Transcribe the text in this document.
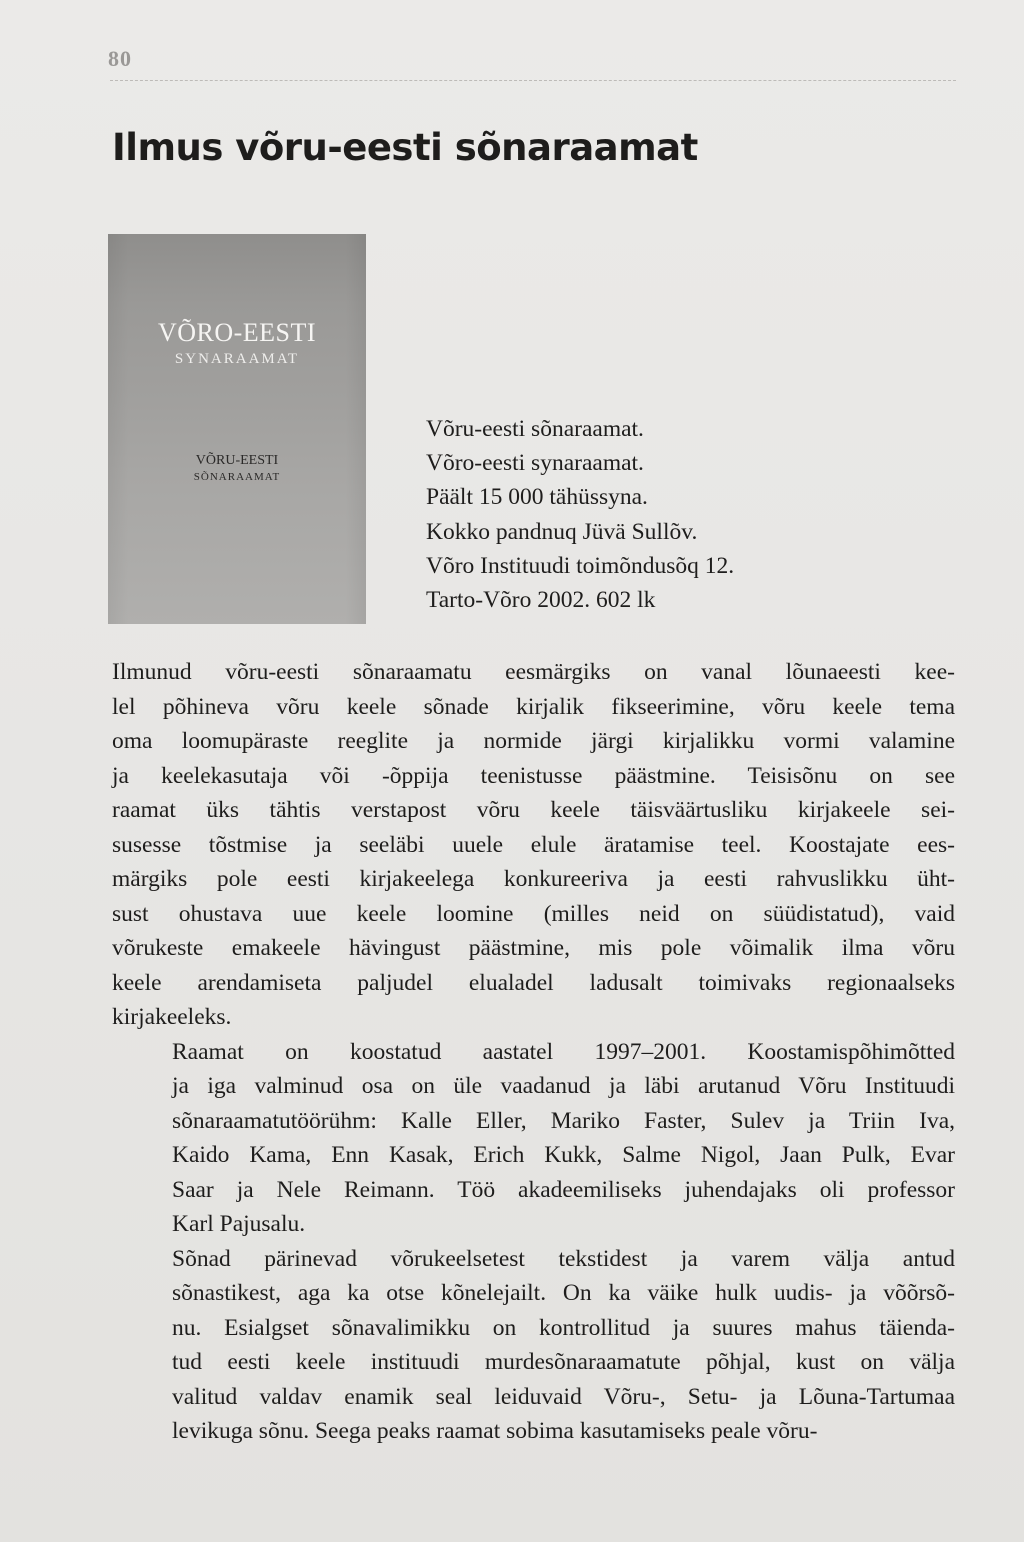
80
Ilmus võru-eesti sõnaraamat
VÕRO-EESTI
SYNARAAMAT
VÕRU-EESTI
SÕNARAAMAT
Võru-eesti sõnaraamat.
Võro-eesti synaraamat.
Päält 15 000 tähüssyna.
Kokko pandnuq Jüvä Sullõv.
Võro Instituudi toimõndusõq 12.
Tarto-Võro 2002. 602 lk

Ilmunud võru-eesti sõnaraamatu eesmärgiks on vanal lõunaeesti kee-
lel põhineva võru keele sõnade kirjalik fikseerimine, võru keele tema
oma loomupäraste reeglite ja normide järgi kirjalikku vormi valamine
ja keelekasutaja või -õppija teenistusse päästmine. Teisisõnu on see
raamat üks tähtis verstapost võru keele täisväärtusliku kirjakeele sei-
susesse tõstmise ja seeläbi uuele elule äratamise teel. Koostajate ees-
märgiks pole eesti kirjakeelega konkureeriva ja eesti rahvuslikku üht-
sust ohustava uue keele loomine (milles neid on süüdistatud), vaid
võrukeste emakeele hävingust päästmine, mis pole võimalik ilma võru
keele arendamiseta paljudel elualadel ladusalt toimivaks regionaalseks
kirjakeeleks.

Raamat on koostatud aastatel 1997–2001. Koostamispõhimõtted
ja iga valminud osa on üle vaadanud ja läbi arutanud Võru Instituudi
sõnaraamatutöörühm: Kalle Eller, Mariko Faster, Sulev ja Triin Iva,
Kaido Kama, Enn Kasak, Erich Kukk, Salme Nigol, Jaan Pulk, Evar
Saar ja Nele Reimann. Töö akadeemiliseks juhendajaks oli professor
Karl Pajusalu.

Sõnad pärinevad võrukeelsetest tekstidest ja varem välja antud
sõnastikest, aga ka otse kõnelejailt. On ka väike hulk uudis- ja võõrsõ-
nu. Esialgset sõnavalimikku on kontrollitud ja suures mahus täienda-
tud eesti keele instituudi murdesõnaraamatute põhjal, kust on välja
valitud valdav enamik seal leiduvaid Võru-, Setu- ja Lõuna-Tartumaa
levikuga sõnu. Seega peaks raamat sobima kasutamiseks peale võru-
